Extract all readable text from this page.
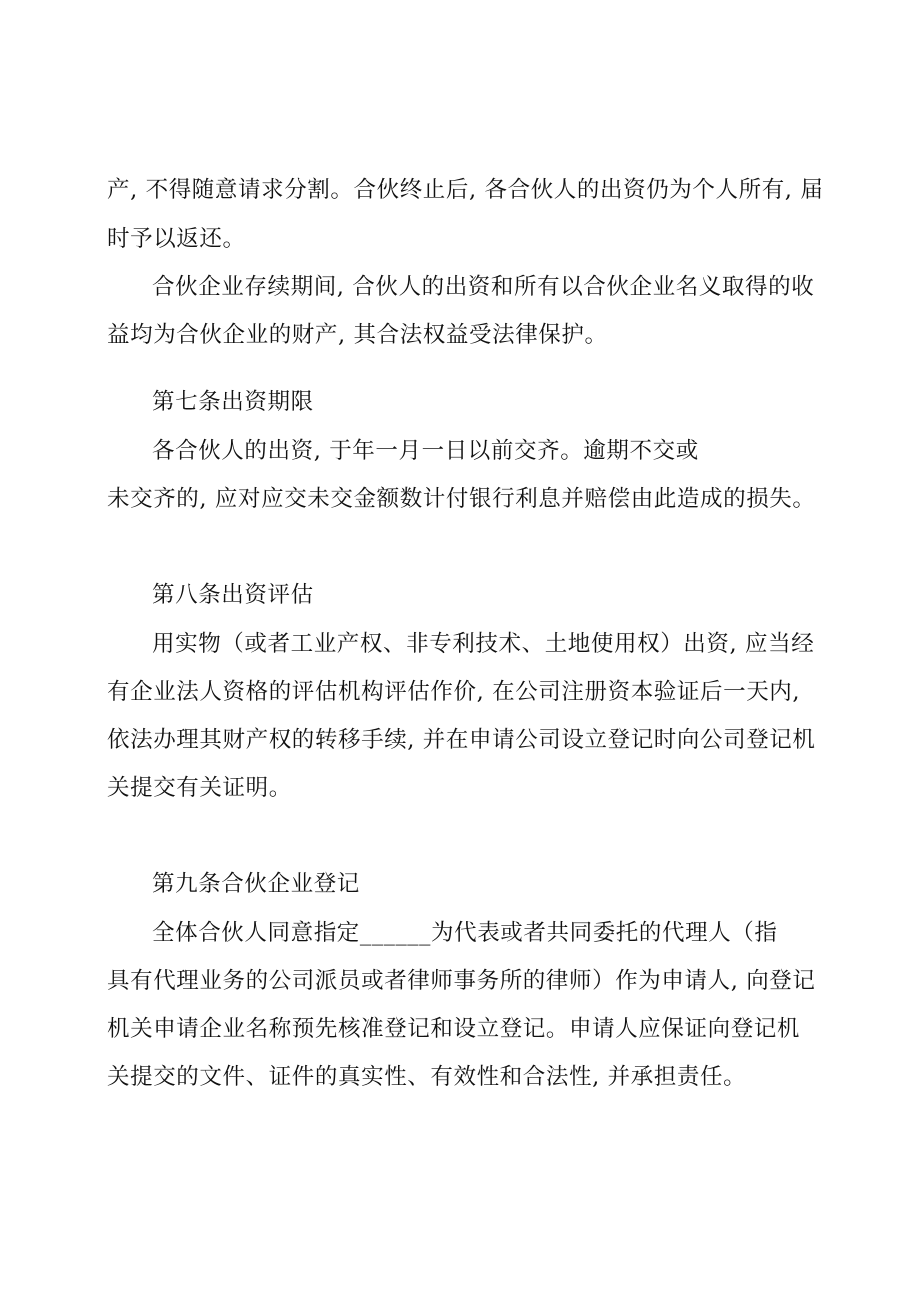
产, 不得随意请求分割。合伙终止后, 各合伙人的出资仍为个人所有, 届

时予以返还。

合伙企业存续期间, 合伙人的出资和所有以合伙企业名义取得的收

益均为合伙企业的财产, 其合法权益受法律保护。

第七条出资期限

各合伙人的出资, 于年一月一日以前交齐。逾期不交或

未交齐的, 应对应交未交金额数计付银行利息并赔偿由此造成的损失。

第八条出资评估

用实物（或者工业产权、非专利技术、土地使用权）出资, 应当经

有企业法人资格的评估机构评估作价, 在公司注册资本验证后一天内,

依法办理其财产权的转移手续, 并在申请公司设立登记时向公司登记机

关提交有关证明。

第九条合伙企业登记

全体合伙人同意指定______为代表或者共同委托的代理人（指

具有代理业务的公司派员或者律师事务所的律师）作为申请人, 向登记

机关申请企业名称预先核准登记和设立登记。申请人应保证向登记机

关提交的文件、证件的真实性、有效性和合法性, 并承担责任。
